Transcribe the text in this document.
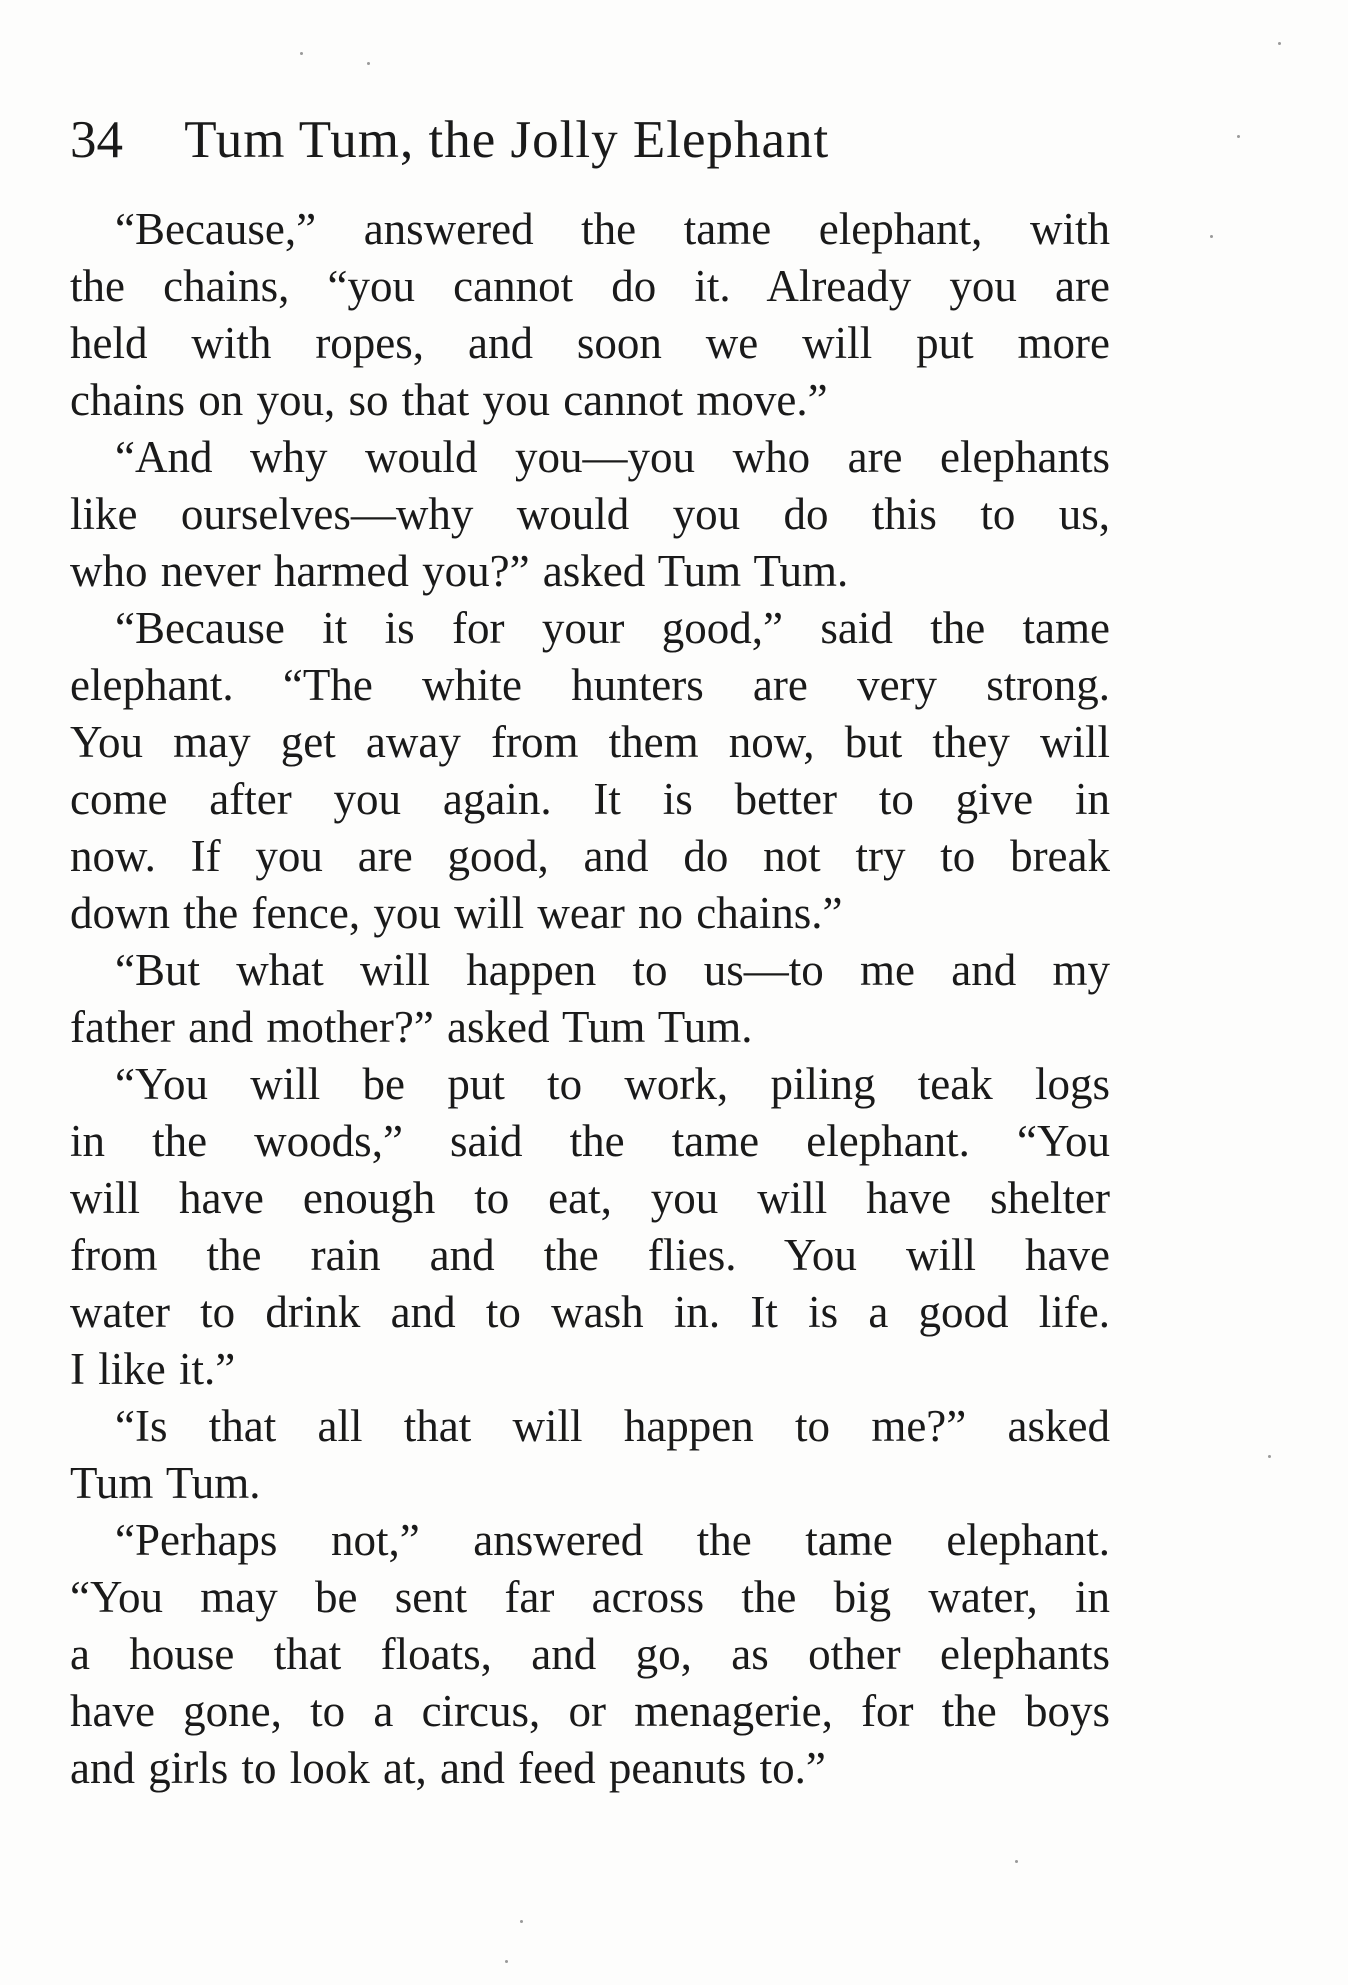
34 Tum Tum, the Jolly Elephant
“Because,” answered the tame elephant, with
the chains, “you cannot do it. Already you are
held with ropes, and soon we will put more
chains on you, so that you cannot move.”
“And why would you—you who are elephants
like ourselves—why would you do this to us,
who never harmed you?” asked Tum Tum.
“Because it is for your good,” said the tame
elephant. “The white hunters are very strong.
You may get away from them now, but they will
come after you again. It is better to give in
now. If you are good, and do not try to break
down the fence, you will wear no chains.”
“But what will happen to us—to me and my
father and mother?” asked Tum Tum.
“You will be put to work, piling teak logs
in the woods,” said the tame elephant. “You
will have enough to eat, you will have shelter
from the rain and the flies. You will have
water to drink and to wash in. It is a good life.
I like it.”
“Is that all that will happen to me?” asked
Tum Tum.
“Perhaps not,” answered the tame elephant.
“You may be sent far across the big water, in
a house that floats, and go, as other elephants
have gone, to a circus, or menagerie, for the boys
and girls to look at, and feed peanuts to.”
